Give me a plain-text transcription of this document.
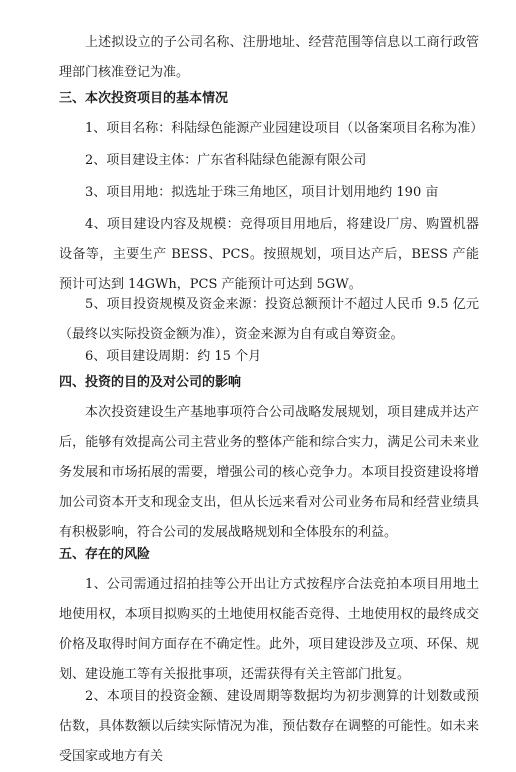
上述拟设立的子公司名称、注册地址、经营范围等信息以工商行政管理部门核准登记为准。

三、本次投资项目的基本情况

1、项目名称：科陆绿色能源产业园建设项目（以备案项目名称为准）

2、项目建设主体：广东省科陆绿色能源有限公司

3、项目用地：拟选址于珠三角地区，项目计划用地约 190 亩

4、项目建设内容及规模：竞得项目用地后，将建设厂房、购置机器设备等，主要生产 BESS、PCS。按照规划，项目达产后，BESS 产能预计可达到 14GWh，PCS 产能预计可达到 5GW。

5、项目投资规模及资金来源：投资总额预计不超过人民币 9.5 亿元（最终以实际投资金额为准），资金来源为自有或自筹资金。

6、项目建设周期：约 15 个月

四、投资的目的及对公司的影响

本次投资建设生产基地事项符合公司战略发展规划，项目建成并达产后，能够有效提高公司主营业务的整体产能和综合实力，满足公司未来业务发展和市场拓展的需要，增强公司的核心竞争力。本项目投资建设将增加公司资本开支和现金支出，但从长远来看对公司业务布局和经营业绩具有积极影响，符合公司的发展战略规划和全体股东的利益。

五、存在的风险

1、公司需通过招拍挂等公开出让方式按程序合法竞拍本项目用地土地使用权，本项目拟购买的土地使用权能否竞得、土地使用权的最终成交价格及取得时间方面存在不确定性。此外，项目建设涉及立项、环保、规划、建设施工等有关报批事项，还需获得有关主管部门批复。

2、本项目的投资金额、建设周期等数据均为初步测算的计划数或预估数，具体数额以后续实际情况为准，预估数存在调整的可能性。如未来受国家或地方有关
